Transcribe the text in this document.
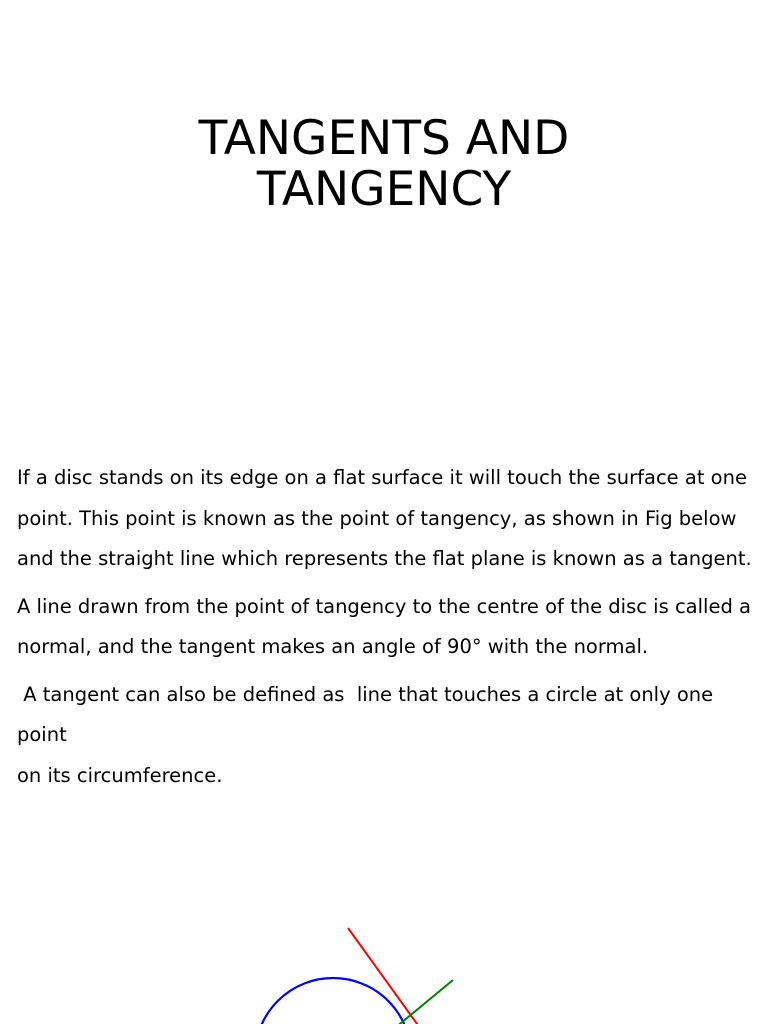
TANGENTS AND
TANGENCY

If a disc stands on its edge on a flat surface it will touch the surface at one
point. This point is known as the point of tangency, as shown in Fig below
and the straight line which represents the flat plane is known as a tangent.

A line drawn from the point of tangency to the centre of the disc is called a
normal, and the tangent makes an angle of 90° with the normal.

A tangent can also be defined as  line that touches a circle at only one point
on its circumference.
